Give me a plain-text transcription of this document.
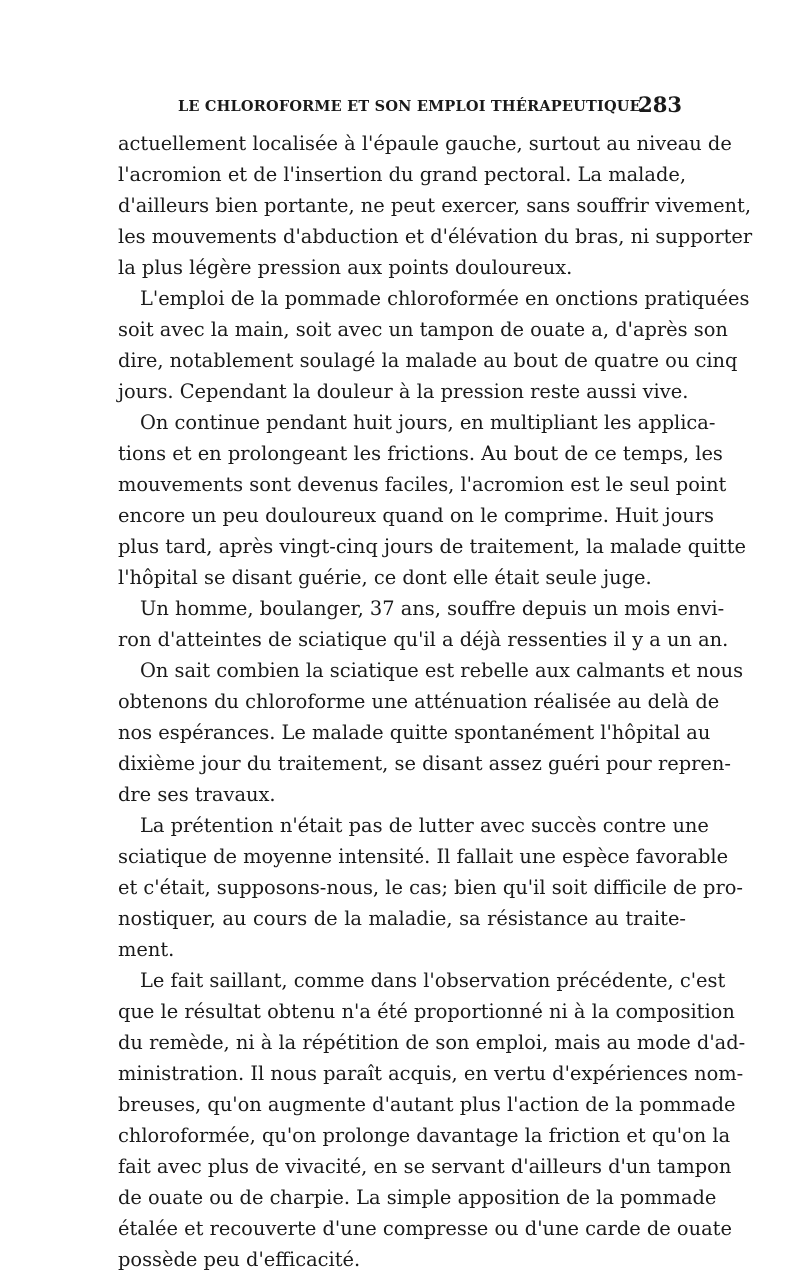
LE CHLOROFORME ET SON EMPLOI THÉRAPEUTIQUE.
283
actuellement localisée à l'épaule gauche, surtout au niveau de
l'acromion et de l'insertion du grand pectoral. La malade,
d'ailleurs bien portante, ne peut exercer, sans souffrir vivement,
les mouvements d'abduction et d'élévation du bras, ni supporter
la plus légère pression aux points douloureux.
L'emploi de la pommade chloroformée en onctions pratiquées
soit avec la main, soit avec un tampon de ouate a, d'après son
dire, notablement soulagé la malade au bout de quatre ou cinq
jours. Cependant la douleur à la pression reste aussi vive.
On continue pendant huit jours, en multipliant les applica-
tions et en prolongeant les frictions. Au bout de ce temps, les
mouvements sont devenus faciles, l'acromion est le seul point
encore un peu douloureux quand on le comprime. Huit jours
plus tard, après vingt-cinq jours de traitement, la malade quitte
l'hôpital se disant guérie, ce dont elle était seule juge.
Un homme, boulanger, 37 ans, souffre depuis un mois envi-
ron d'atteintes de sciatique qu'il a déjà ressenties il y a un an.
On sait combien la sciatique est rebelle aux calmants et nous
obtenons du chloroforme une atténuation réalisée au delà de
nos espérances. Le malade quitte spontanément l'hôpital au
dixième jour du traitement, se disant assez guéri pour repren-
dre ses travaux.
La prétention n'était pas de lutter avec succès contre une
sciatique de moyenne intensité. Il fallait une espèce favorable
et c'était, supposons-nous, le cas; bien qu'il soit difficile de pro-
nostiquer, au cours de la maladie, sa résistance au traite-
ment.
Le fait saillant, comme dans l'observation précédente, c'est
que le résultat obtenu n'a été proportionné ni à la composition
du remède, ni à la répétition de son emploi, mais au mode d'ad-
ministration. Il nous paraît acquis, en vertu d'expériences nom-
breuses, qu'on augmente d'autant plus l'action de la pommade
chloroformée, qu'on prolonge davantage la friction et qu'on la
fait avec plus de vivacité, en se servant d'ailleurs d'un tampon
de ouate ou de charpie. La simple apposition de la pommade
étalée et recouverte d'une compresse ou d'une carde de ouate
possède peu d'efficacité.
